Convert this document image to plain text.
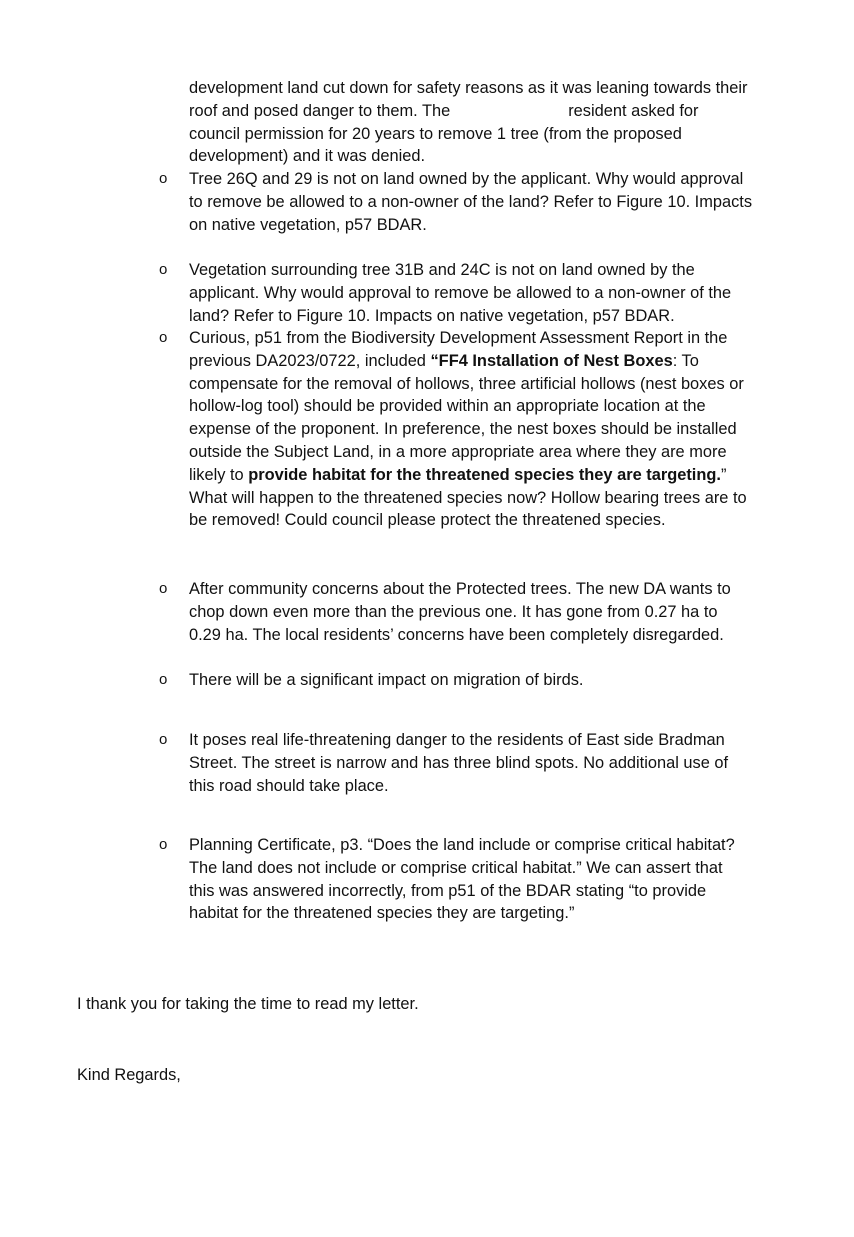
development land cut down for safety reasons as it was leaning towards their
roof and posed danger to them. The	resident asked for
council permission for 20 years to remove 1 tree (from the proposed
development) and it was denied.
o
Tree 26Q and 29 is not on land owned by the applicant. Why would approval
to remove be allowed to a non-owner of the land? Refer to Figure 10. Impacts
on native vegetation, p57 BDAR.
o
Vegetation surrounding tree 31B and 24C is not on land owned by the
applicant. Why would approval to remove be allowed to a non-owner of the
land? Refer to Figure 10. Impacts on native vegetation, p57 BDAR.
o
Curious, p51 from the Biodiversity Development Assessment Report in the
previous DA2023/0722, included “FF4 Installation of Nest Boxes: To
compensate for the removal of hollows, three artificial hollows (nest boxes or
hollow-log tool) should be provided within an appropriate location at the
expense of the proponent. In preference, the nest boxes should be installed
outside the Subject Land, in a more appropriate area where they are more
likely to provide habitat for the threatened species they are targeting.”
What will happen to the threatened species now? Hollow bearing trees are to
be removed! Could council please protect the threatened species.
o
After community concerns about the Protected trees. The new DA wants to
chop down even more than the previous one. It has gone from 0.27 ha to
0.29 ha. The local residents’ concerns have been completely disregarded.
o
There will be a significant impact on migration of birds.
o
It poses real life-threatening danger to the residents of East side Bradman
Street. The street is narrow and has three blind spots. No additional use of
this road should take place.
o
Planning Certificate, p3. “Does the land include or comprise critical habitat?
The land does not include or comprise critical habitat.” We can assert that
this was answered incorrectly, from p51 of the BDAR stating “to provide
habitat for the threatened species they are targeting.”
I thank you for taking the time to read my letter.
Kind Regards,
